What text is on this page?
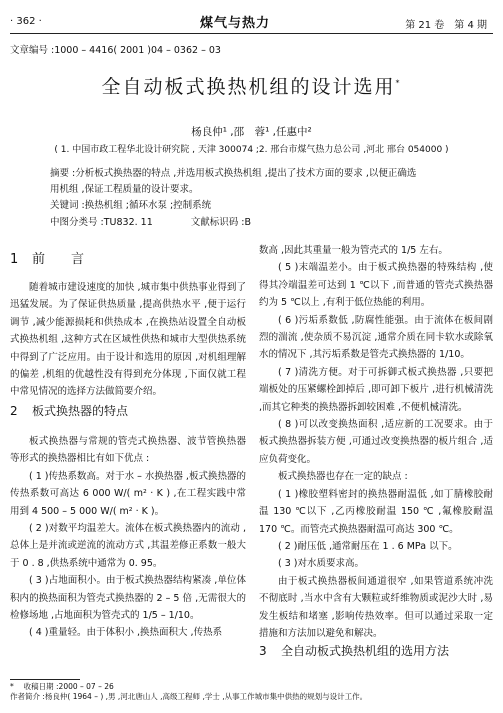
· 362 ·	煤气与热力	第 21 卷　第 4 期
文章编号 :1000 – 4416( 2001 )04 – 0362 – 03
全自动板式换热机组的设计选用*
杨良仲¹ ,邵　蓉¹ ,任惠中²
( 1. 中国市政工程华北设计研究院 , 天津 300074 ;2. 邢台市煤气热力总公司 ,河北 邢台 054000 )

摘要 :分析板式换热器的特点 ,并选用板式换热机组 ,提出了技术方面的要求 ,以便正确选

用机组 ,保证工程质量的设计要求。

关键词 :换热机组 ;循环水泵 ;控制系统
中图分类号 :TU832. 11	文献标识码 :B
1 前　　言

随着城市建设速度的加快 ,城市集中供热事业得到了迅猛发展。为了保证供热质量 ,提高供热水平 ,便于运行调节 ,减少能源损耗和供热成本 ,在换热站设置全自动板式换热机组 ,这种方式在区域性供热和城市大型供热系统中得到了广泛应用。由于设计和选用的原因 ,对机组理解的偏差 ,机组的优越性没有得到充分体现 ,下面仅就工程中常见情况的选择方法做简要介绍。

2 板式换热器的特点

板式换热器与常规的管壳式换热器、波节管换热器等形式的换热器相比有如下优点 :

( 1 )传热系数高。对于水 – 水换热器 ,板式换热器的传热系数可高达 6 000 W/( m² · K ) ,在工程实践中常用到 4 500 – 5 000 W/( m² · K )。

( 2 )对数平均温差大。流体在板式换热器内的流动 ,总体上是并流或逆流的流动方式 ,其温差修正系数一般大于 0 . 8 ,供热系统中通常为 0. 95。

( 3 )占地面积小。由于板式换热器结构紧凑 ,单位体积内的换热面积为管壳式换热器的 2 – 5 倍 ,无需很大的检修场地 ,占地面积为管壳式的 1/5 – 1/10。

( 4 )重量轻。由于体积小 ,换热面积大 ,传热系

数高 ,因此其重量一般为管壳式的 1/5 左右。

( 5 )末端温差小。由于板式换热器的特殊结构 ,使得其冷端温差可达到 1 ℃以下 ,而普通的管壳式换热器约为 5 ℃以上 ,有利于低位热能的利用。

( 6 )污垢系数低 ,防腐性能强。由于流体在板间剧烈的湍流 ,使杂质不易沉淀 ,通常介质在同卡软水或除氧水的情况下 ,其污垢系数是管壳式换热器的 1/10。

( 7 )清洗方便。对于可拆御式板式换热器 ,只要把端板处的压紧螺栓卸掉后 ,即可卸下板片 ,进行机械清洗 ,而其它种类的换热器拆卸较困难 ,不便机械清洗。

( 8 )可以改变换热面积 ,适应新的工况要求。由于板式换热器拆装方便 ,可通过改变换热器的板片组合 ,适应负荷变化。

板式换热器也存在一定的缺点 :

( 1 )橡胶塑料密封的换热器耐温低 ,如丁腈橡胶耐温 130 ℃以下 ,乙丙橡胶耐温 150 ℃ ,氟橡胶耐温 170 ℃。而管壳式换热器耐温可高达 300 ℃。

( 2 )耐压低 ,通常耐压在 1 . 6 MPa 以下。

( 3 )对水质要求高。

由于板式换热器板间通道很窄 ,如果管道系统冲洗不彻底时 ,当水中含有大颗粒或纤维物质或泥沙大时 ,易发生板结和堵塞 ,影响传热效率。但可以通过采取一定措施和方法加以避免和解决。

3 全自动板式换热机组的选用方法
* 　收稿日期 :2000 – 07 – 26
作者简介 :杨良仲( 1964 – ) ,男 ,河北唐山人 ,高级工程师 ,学士 ,从事工作城市集中供热的规划与设计工作。
